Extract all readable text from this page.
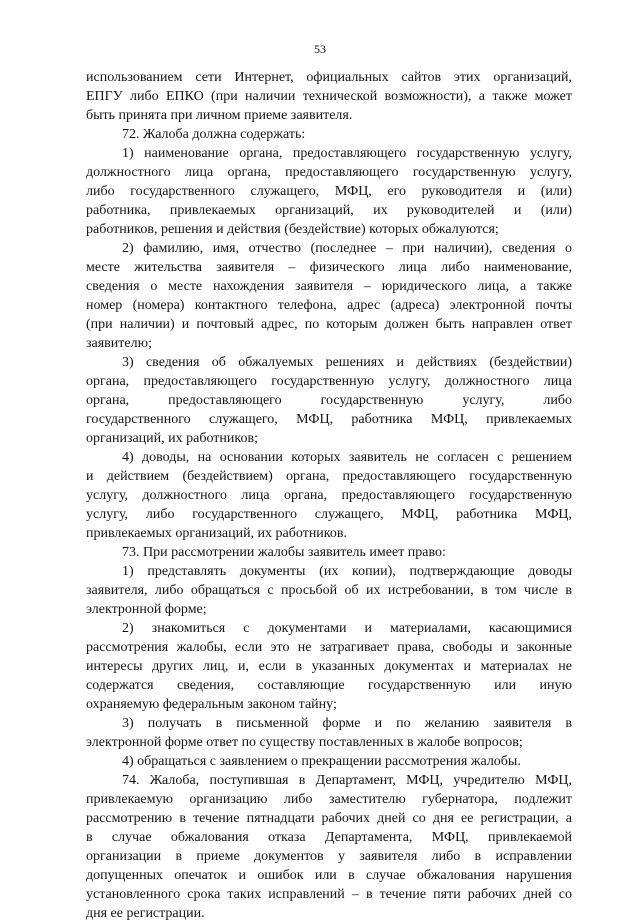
53
использованием сети Интернет, официальных сайтов этих организаций,
ЕПГУ либо ЕПКО (при наличии технической возможности), а также может
быть принята при личном приеме заявителя.
72. Жалоба должна содержать:
1) наименование органа, предоставляющего государственную услугу,
должностного лица органа, предоставляющего государственную услугу,
либо государственного служащего, МФЦ, его руководителя и (или)
работника, привлекаемых организаций, их руководителей и (или)
работников, решения и действия (бездействие) которых обжалуются;
2) фамилию, имя, отчество (последнее – при наличии), сведения о
месте жительства заявителя – физического лица либо наименование,
сведения о месте нахождения заявителя – юридического лица, а также
номер (номера) контактного телефона, адрес (адреса) электронной почты
(при наличии) и почтовый адрес, по которым должен быть направлен ответ
заявителю;
3) сведения об обжалуемых решениях и действиях (бездействии)
органа, предоставляющего государственную услугу, должностного лица
органа, предоставляющего государственную услугу, либо
государственного служащего, МФЦ, работника МФЦ, привлекаемых
организаций, их работников;
4) доводы, на основании которых заявитель не согласен с решением
и действием (бездействием) органа, предоставляющего государственную
услугу, должностного лица органа, предоставляющего государственную
услугу, либо государственного служащего, МФЦ, работника МФЦ,
привлекаемых организаций, их работников.
73. При рассмотрении жалобы заявитель имеет право:
1) представлять документы (их копии), подтверждающие доводы
заявителя, либо обращаться с просьбой об их истребовании, в том числе в
электронной форме;
2) знакомиться с документами и материалами, касающимися
рассмотрения жалобы, если это не затрагивает права, свободы и законные
интересы других лиц, и, если в указанных документах и материалах не
содержатся сведения, составляющие государственную или иную
охраняемую федеральным законом тайну;
3) получать в письменной форме и по желанию заявителя в
электронной форме ответ по существу поставленных в жалобе вопросов;
4) обращаться с заявлением о прекращении рассмотрения жалобы.
74. Жалоба, поступившая в Департамент, МФЦ, учредителю МФЦ,
привлекаемую организацию либо заместителю губернатора, подлежит
рассмотрению в течение пятнадцати рабочих дней со дня ее регистрации, а
в случае обжалования отказа Департамента, МФЦ, привлекаемой
организации в приеме документов у заявителя либо в исправлении
допущенных опечаток и ошибок или в случае обжалования нарушения
установленного срока таких исправлений – в течение пяти рабочих дней со
дня ее регистрации.
